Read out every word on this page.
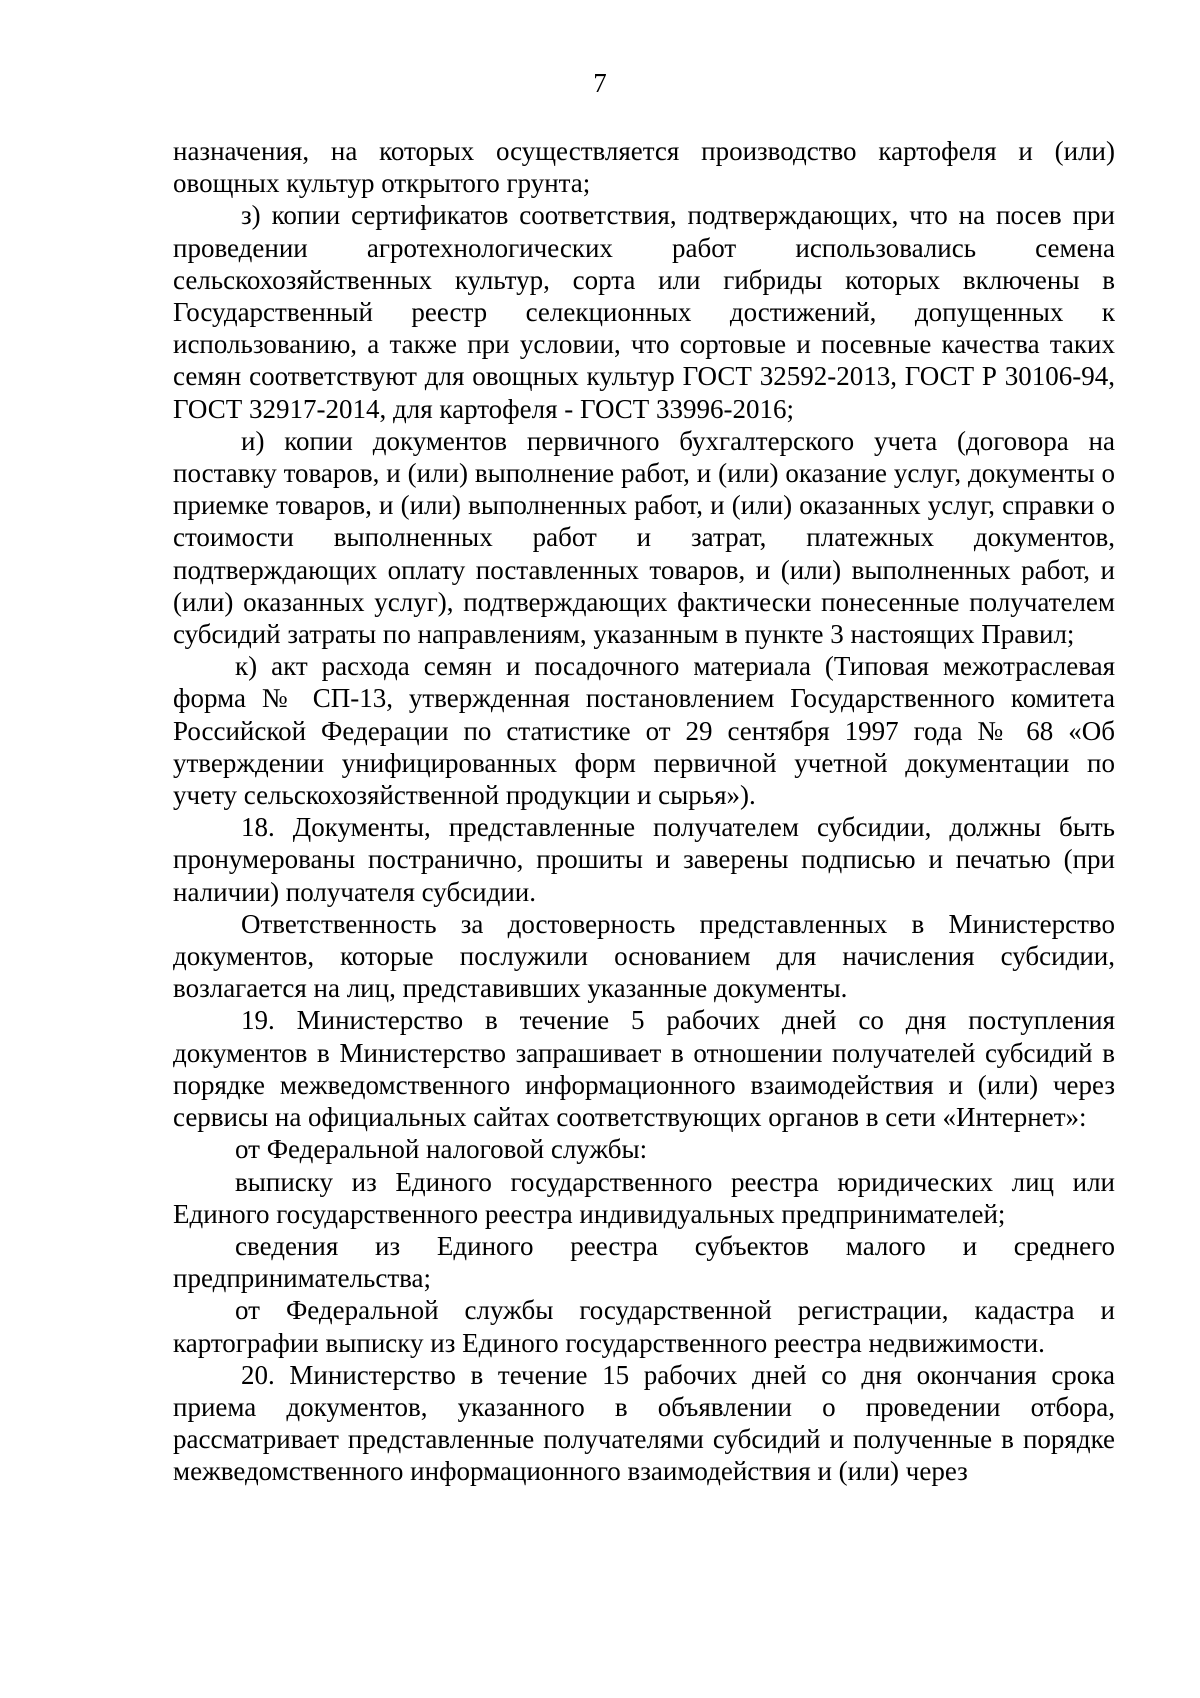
7

назначения, на которых осуществляется производство картофеля и (или) овощных культур открытого грунта;

з) копии сертификатов соответствия, подтверждающих, что на посев при проведении агротехнологических работ использовались семена сельскохозяйственных культур, сорта или гибриды которых включены в Государственный реестр селекционных достижений, допущенных к использованию, а также при условии, что сортовые и посевные качества таких семян соответствуют для овощных культур ГОСТ 32592-2013, ГОСТ Р 30106-94, ГОСТ 32917-2014, для картофеля - ГОСТ 33996-2016;

и) копии документов первичного бухгалтерского учета (договора на поставку товаров, и (или) выполнение работ, и (или) оказание услуг, документы о приемке товаров, и (или) выполненных работ, и (или) оказанных услуг, справки о стоимости выполненных работ и затрат, платежных документов, подтверждающих оплату поставленных товаров, и (или) выполненных работ, и (или) оказанных услуг), подтверждающих фактически понесенные получателем субсидий затраты по направлениям, указанным в пункте 3 настоящих Правил;

к) акт расхода семян и посадочного материала (Типовая межотраслевая форма № СП-13, утвержденная постановлением Государственного комитета Российской Федерации по статистике от 29 сентября 1997 года № 68 «Об утверждении унифицированных форм первичной учетной документации по учету сельскохозяйственной продукции и сырья»).

18. Документы, представленные получателем субсидии, должны быть пронумерованы постранично, прошиты и заверены подписью и печатью (при наличии) получателя субсидии.

Ответственность за достоверность представленных в Министерство документов, которые послужили основанием для начисления субсидии, возлагается на лиц, представивших указанные документы.

19. Министерство в течение 5 рабочих дней со дня поступления документов в Министерство запрашивает в отношении получателей субсидий в порядке межведомственного информационного взаимодействия и (или) через сервисы на официальных сайтах соответствующих органов в сети «Интернет»:

от Федеральной налоговой службы:

выписку из Единого государственного реестра юридических лиц или Единого государственного реестра индивидуальных предпринимателей;

сведения из Единого реестра субъектов малого и среднего предпринимательства;

от Федеральной службы государственной регистрации, кадастра и картографии выписку из Единого государственного реестра недвижимости.

20. Министерство в течение 15 рабочих дней со дня окончания срока приема документов, указанного в объявлении о проведении отбора, рассматривает представленные получателями субсидий и полученные в порядке межведомственного информационного взаимодействия и (или) через
